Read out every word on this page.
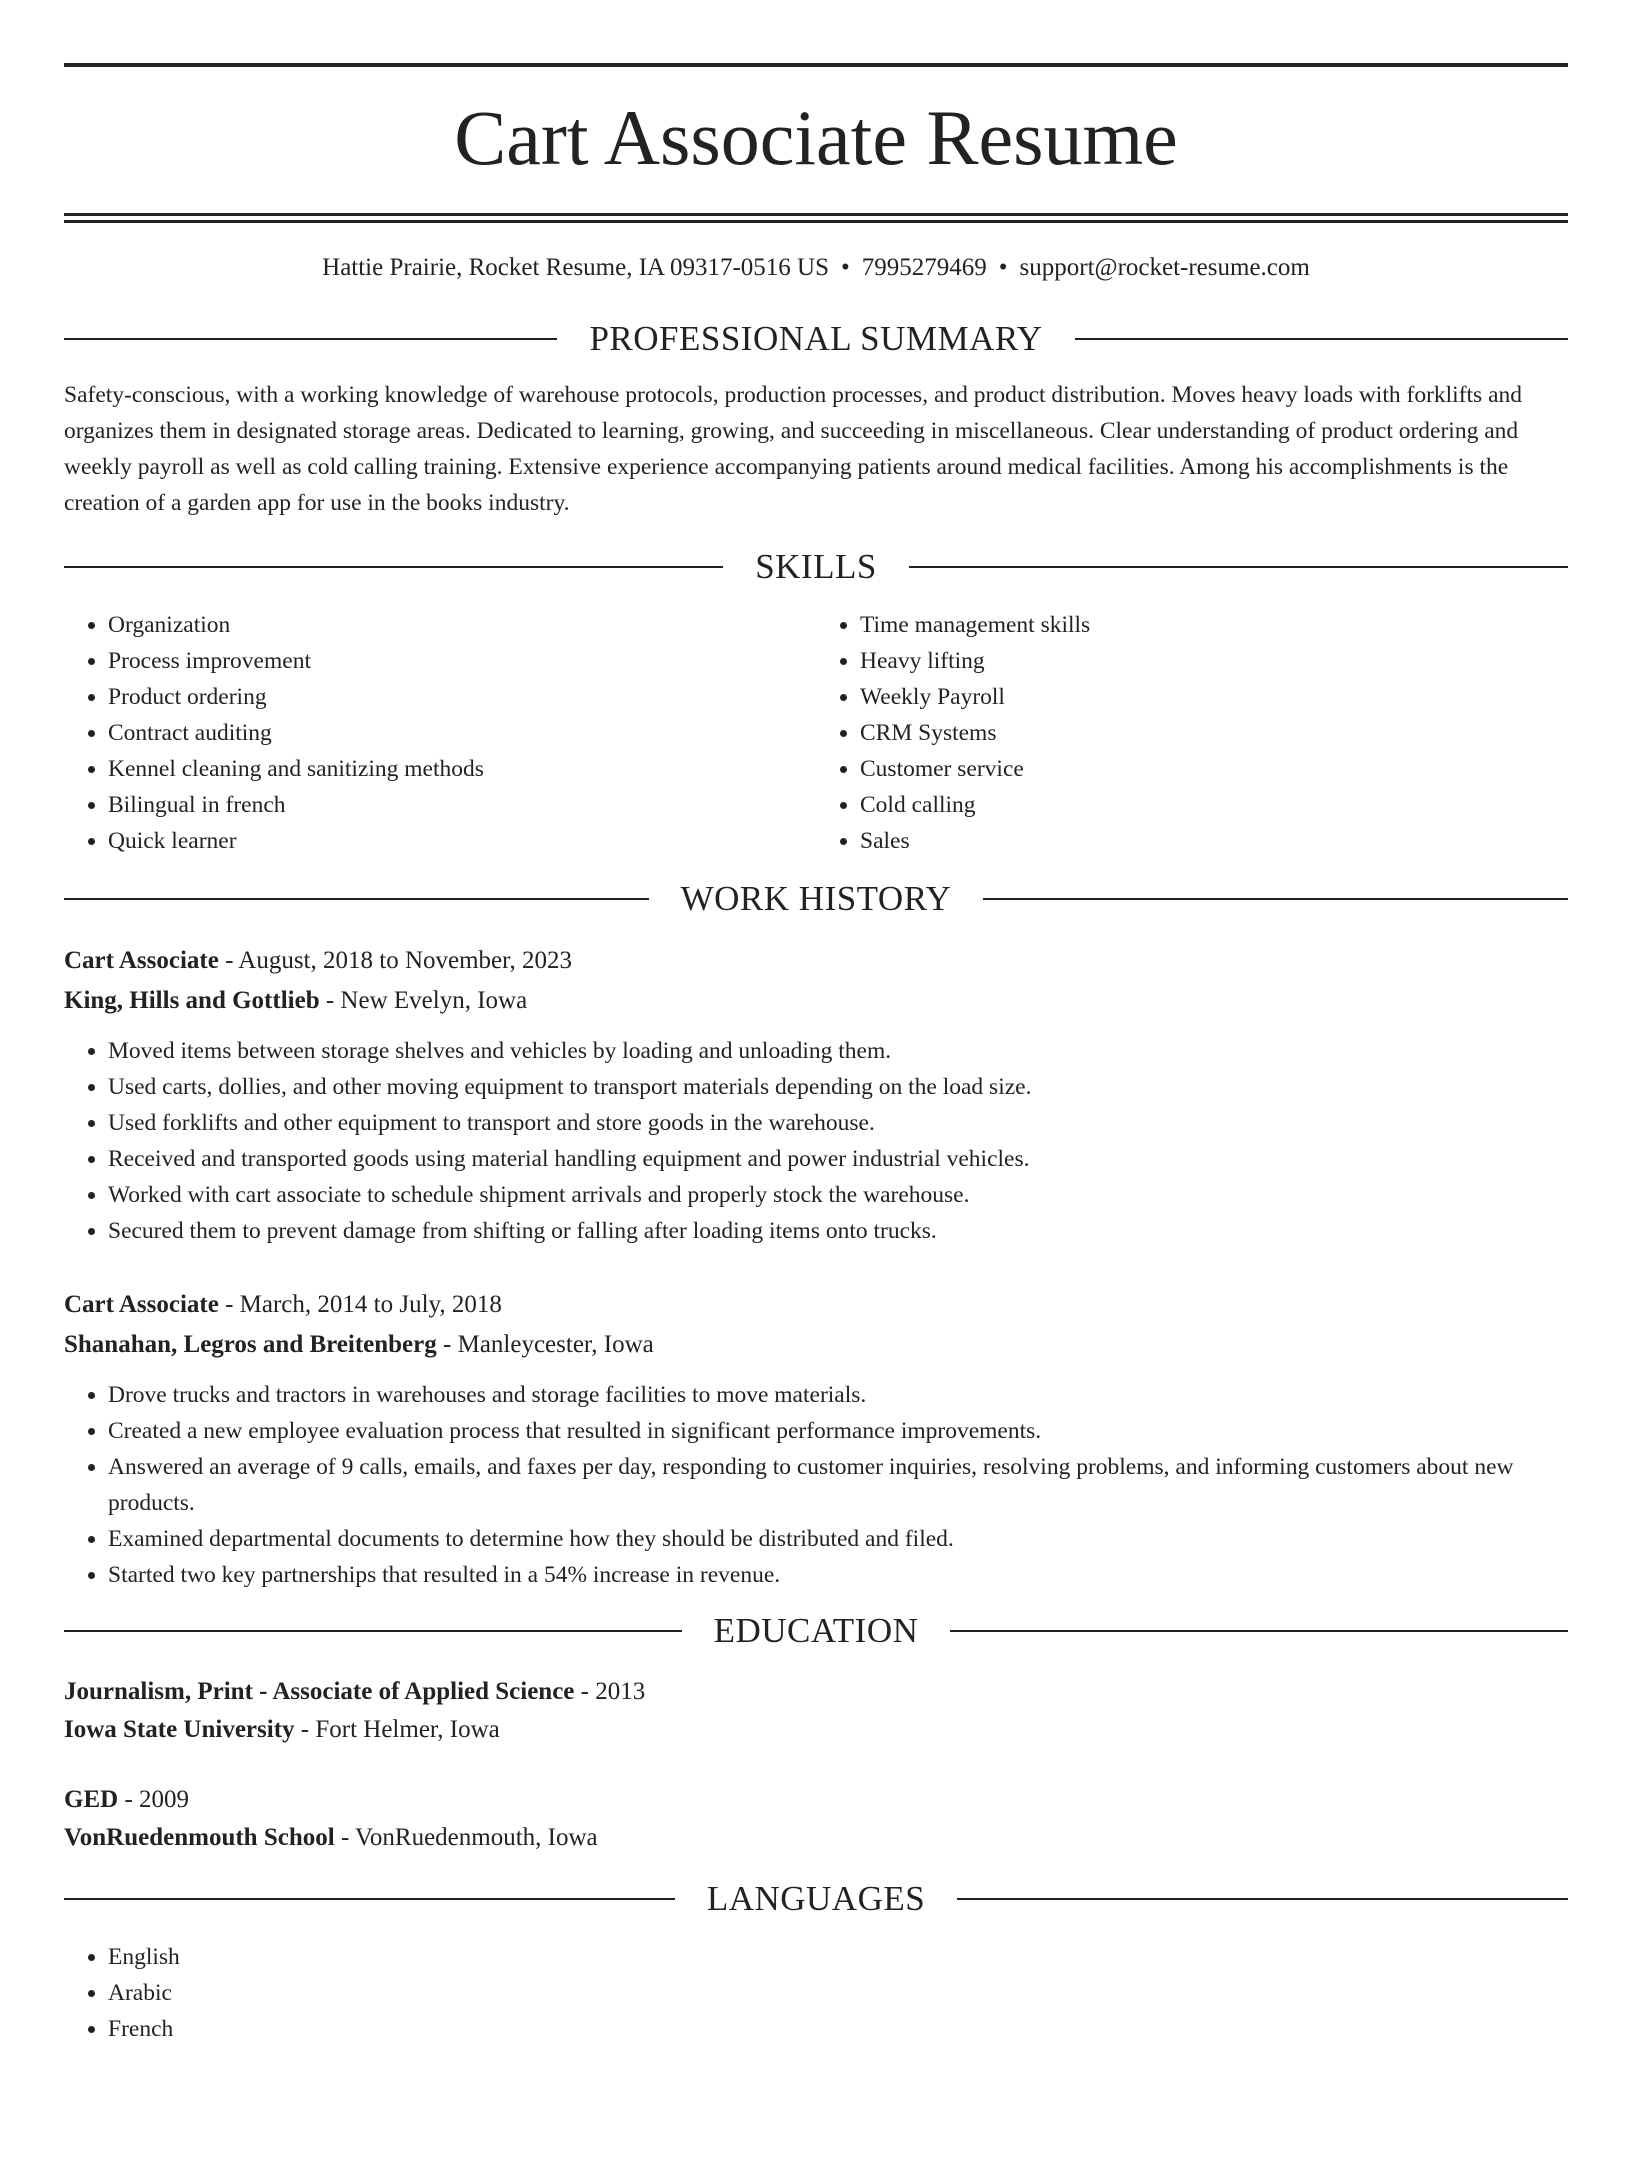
Cart Associate Resume
Hattie Prairie, Rocket Resume, IA 09317-0516 US • 7995279469 • support@rocket-resume.com
PROFESSIONAL SUMMARY
Safety-conscious, with a working knowledge of warehouse protocols, production processes, and product distribution. Moves heavy loads with forklifts and organizes them in designated storage areas. Dedicated to learning, growing, and succeeding in miscellaneous. Clear understanding of product ordering and weekly payroll as well as cold calling training. Extensive experience accompanying patients around medical facilities. Among his accomplishments is the creation of a garden app for use in the books industry.
SKILLS
• Organization
• Process improvement
• Product ordering
• Contract auditing
• Kennel cleaning and sanitizing methods
• Bilingual in french
• Quick learner
• Time management skills
• Heavy lifting
• Weekly Payroll
• CRM Systems
• Customer service
• Cold calling
• Sales
WORK HISTORY
Cart Associate - August, 2018 to November, 2023
King, Hills and Gottlieb - New Evelyn, Iowa
• Moved items between storage shelves and vehicles by loading and unloading them.
• Used carts, dollies, and other moving equipment to transport materials depending on the load size.
• Used forklifts and other equipment to transport and store goods in the warehouse.
• Received and transported goods using material handling equipment and power industrial vehicles.
• Worked with cart associate to schedule shipment arrivals and properly stock the warehouse.
• Secured them to prevent damage from shifting or falling after loading items onto trucks.
Cart Associate - March, 2014 to July, 2018
Shanahan, Legros and Breitenberg - Manleycester, Iowa
• Drove trucks and tractors in warehouses and storage facilities to move materials.
• Created a new employee evaluation process that resulted in significant performance improvements.
• Answered an average of 9 calls, emails, and faxes per day, responding to customer inquiries, resolving problems, and informing customers about new products.
• Examined departmental documents to determine how they should be distributed and filed.
• Started two key partnerships that resulted in a 54% increase in revenue.
EDUCATION
Journalism, Print - Associate of Applied Science - 2013
Iowa State University - Fort Helmer, Iowa
GED - 2009
VonRuedenmouth School - VonRuedenmouth, Iowa
LANGUAGES
• English
• Arabic
• French
